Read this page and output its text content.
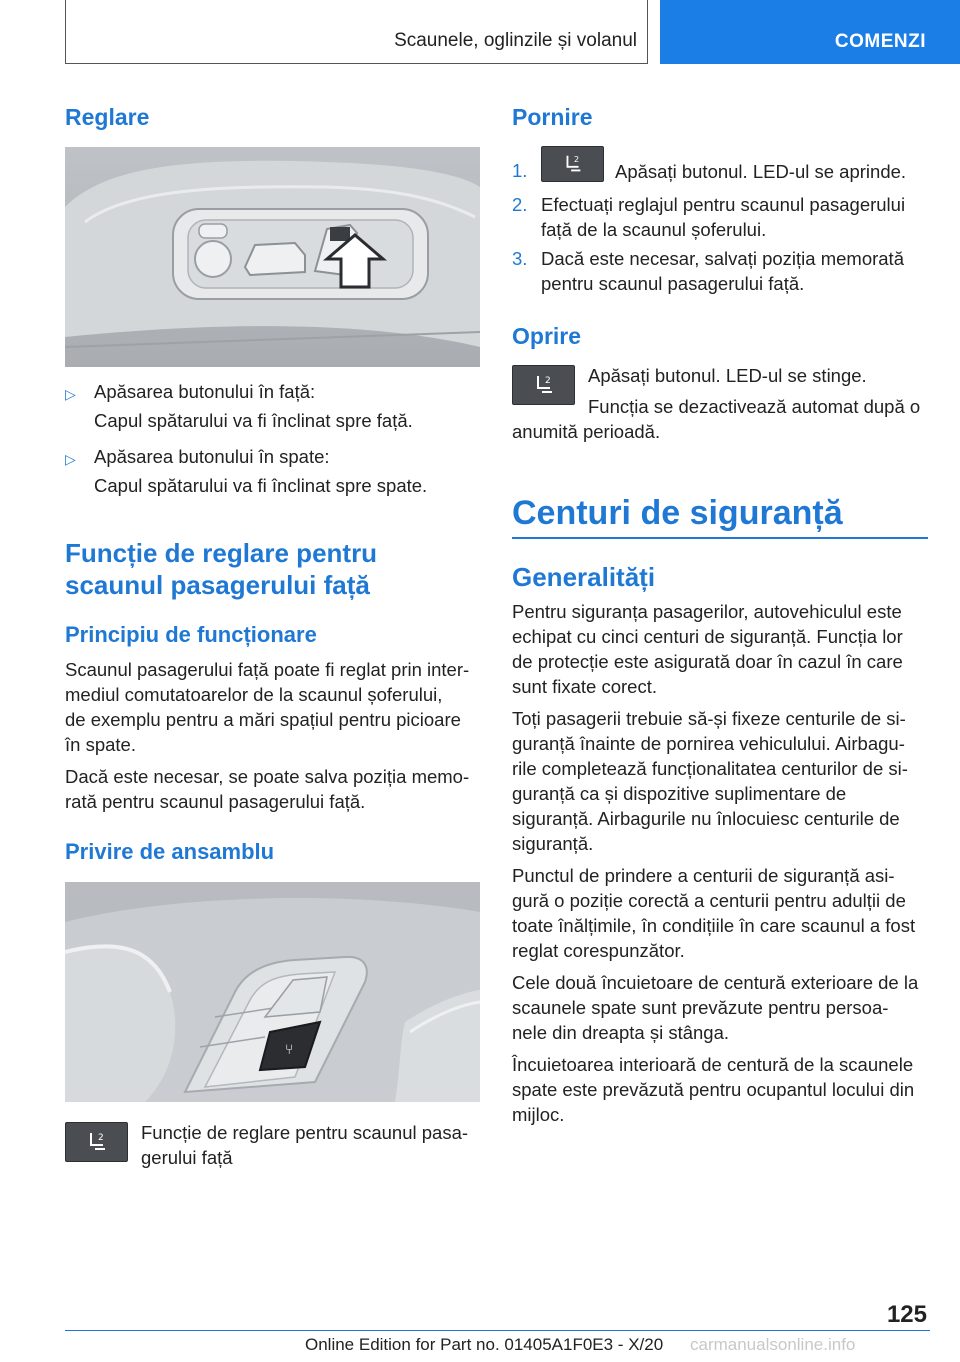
Scaunele, oglinzile și volanul	COMENZI
Reglare
▷ Apăsarea butonului în față:
Capul spătarului va fi înclinat spre față.
▷ Apăsarea butonului în spate:
Capul spătarului va fi înclinat spre spate.
Funcție de reglare pentru
scaunul pasagerului față
Principiu de funcționare
Scaunul pasagerului față poate fi reglat prin inter-
mediul comutatoarelor de la scaunul șoferului,
de exemplu pentru a mări spațiul pentru picioare
în spate.
Dacă este necesar, se poate salva poziția memo-
rată pentru scaunul pasagerului față.
Privire de ansamblu
⑂
2 Funcție de reglare pentru scaunul pasa-
gerului față
Pornire
1.
2
Apăsați butonul. LED-ul se aprinde.
2. Efectuați reglajul pentru scaunul pasagerului
față de la scaunul șoferului.
3. Dacă este necesar, salvați poziția memorată
pentru scaunul pasagerului față.
Oprire
2 Apăsați butonul. LED-ul se stinge.
Funcția se dezactivează automat după o
anumită perioadă.
Centuri de siguranță
Generalități
Pentru siguranța pasagerilor, autovehiculul este
echipat cu cinci centuri de siguranță. Funcția lor
de protecție este asigurată doar în cazul în care
sunt fixate corect.
Toți pasagerii trebuie să-și fixeze centurile de si-
guranță înainte de pornirea vehiculului. Airbagu-
rile completează funcționalitatea centurilor de si-
guranță ca și dispozitive suplimentare de
siguranță. Airbagurile nu înlocuiesc centurile de
siguranță.
Punctul de prindere a centurii de siguranță asi-
gură o poziție corectă a centurii pentru adulții de
toate înălțimile, în condițiile în care scaunul a fost
reglat corespunzător.
Cele două încuietoare de centură exterioare de la
scaunele spate sunt prevăzute pentru persoa-
nele din dreapta și stânga.
Încuietoarea interioară de centură de la scaunele
spate este prevăzută pentru ocupantul locului din
mijloc.
125
Online Edition for Part no. 01405A1F0E3 - X/20 carmanualsonline.info
